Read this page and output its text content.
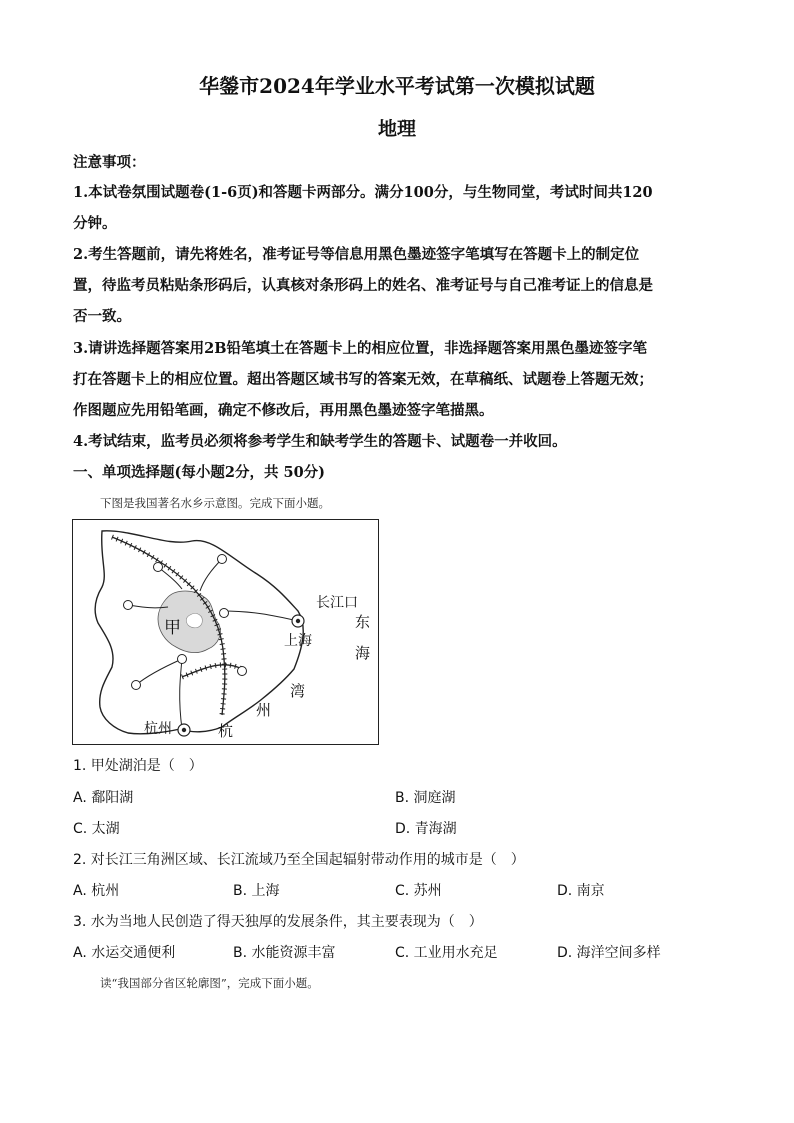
华鎣市2024年学业水平考试第一次模拟试题
地理
注意事项：
1.本试卷氛围试题卷(1-6页)和答题卡两部分。满分100分，与生物同堂，考试时间共120
分钟。
2.考生答题前，请先将姓名，准考证号等信息用黑色墨迹签字笔填写在答题卡上的制定位
置，待监考员粘贴条形码后，认真核对条形码上的姓名、准考证号与自己准考证上的信息是
否一致。
3.请讲选择题答案用2B铅笔填土在答题卡上的相应位置，非选择题答案用黑色墨迹签字笔
打在答题卡上的相应位置。超出答题区域书写的答案无效，在草稿纸、试题卷上答题无效；
作图题应先用铅笔画，确定不修改后，再用黑色墨迹签字笔描黑。
4.考试结束，监考员必须将参考学生和缺考学生的答题卡、试题卷一并收回。
一、单项选择题(每小题2分，共 50分)
下图是我国著名水乡示意图。完成下面小题。
甲
长江口
上海
东
海
湾
州
杭州	杭
1. 甲处湖泊是（　）
A. 鄱阳湖	B. 洞庭湖
C. 太湖	D. 青海湖
2. 对长江三角洲区域、长江流域乃至全国起辐射带动作用的城市是（　）
A. 杭州	B. 上海	C. 苏州	D. 南京
3. 水为当地人民创造了得天独厚的发展条件，其主要表现为（　）
A. 水运交通便利	B. 水能资源丰富	C. 工业用水充足	D. 海洋空间多样
读“我国部分省区轮廓图”，完成下面小题。
